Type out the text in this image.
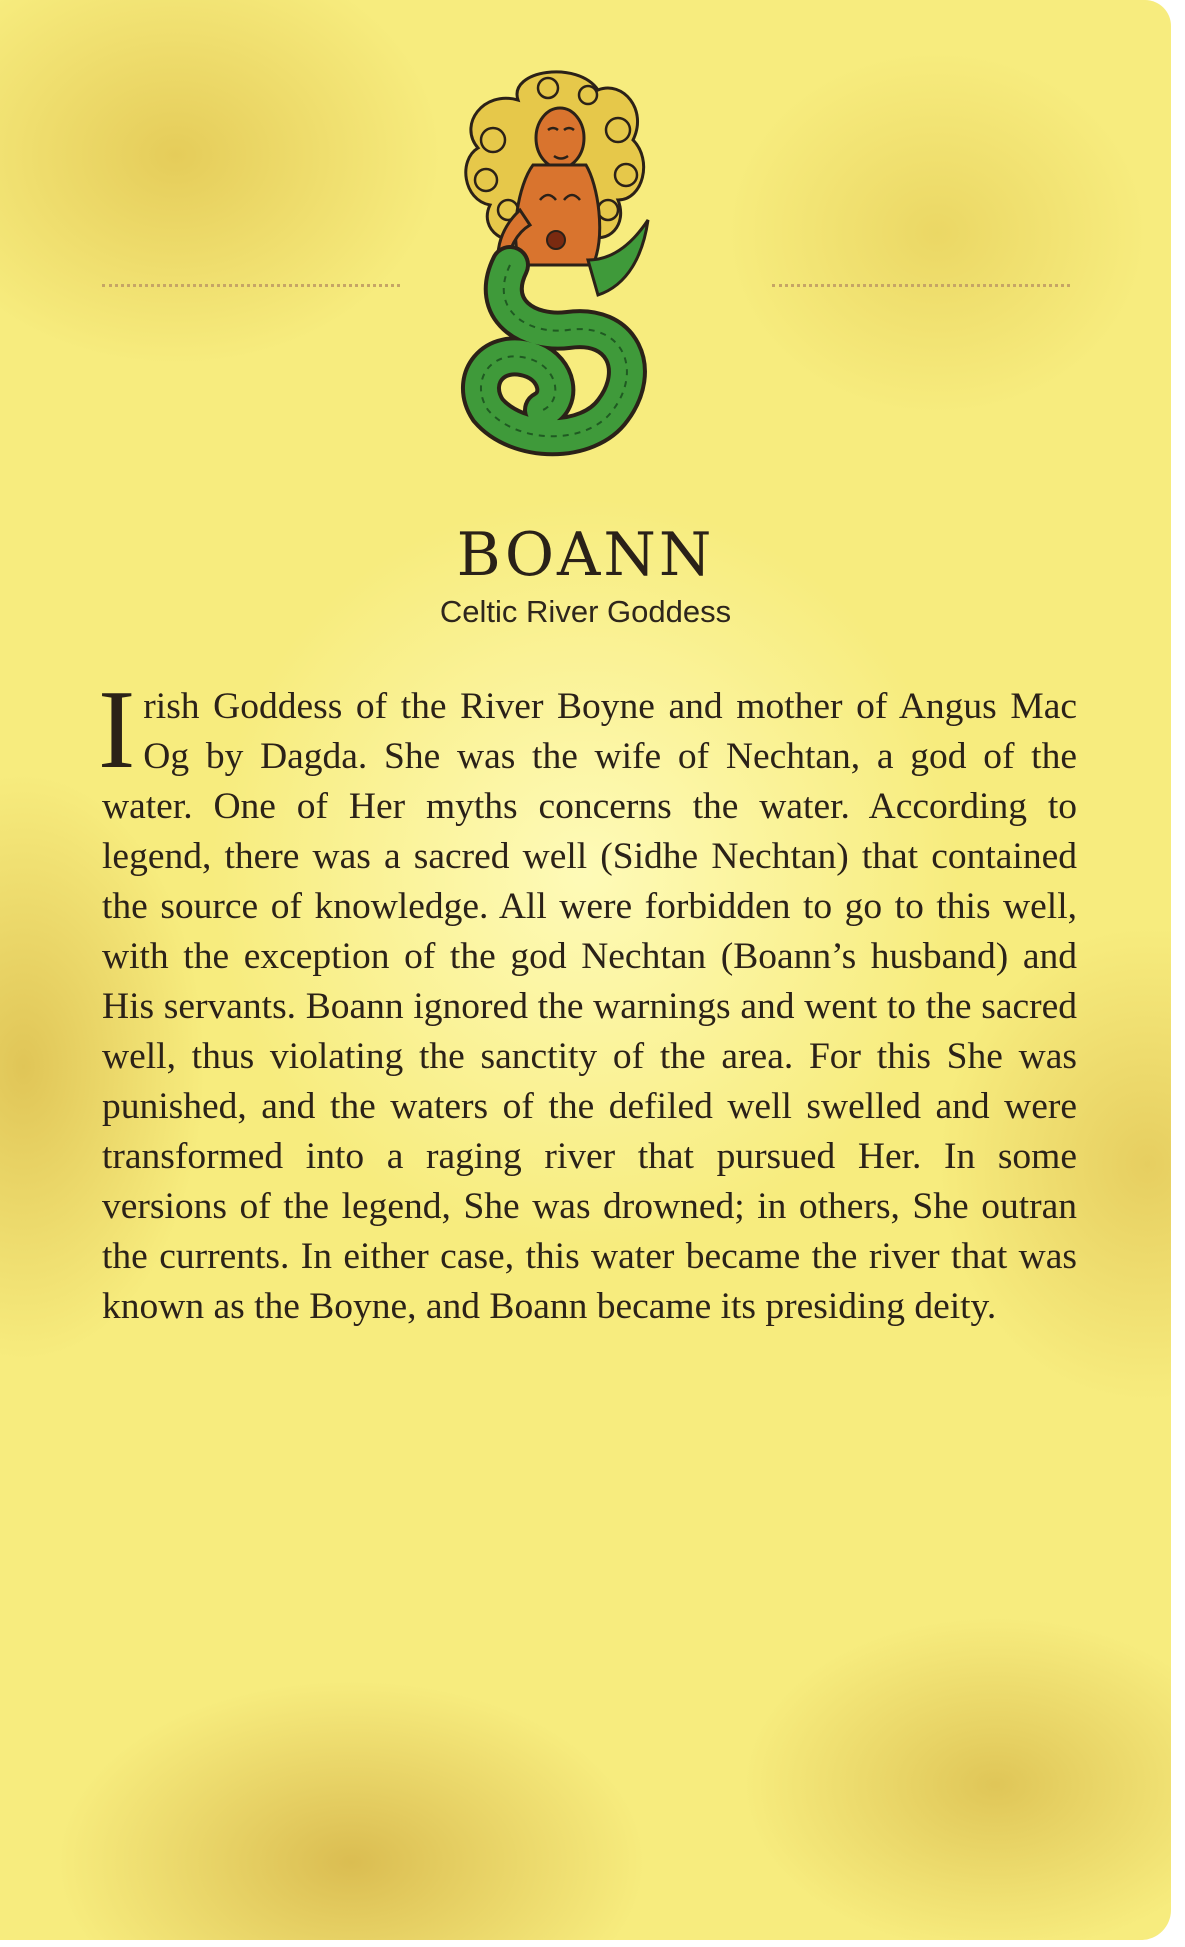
BOANN
Celtic River Goddess
Irish Goddess of the River Boyne and mother of Angus Mac Og by Dagda. She was the wife of Nechtan, a god of the water. One of Her myths concerns the water. According to legend, there was a sacred well (Sidhe Nechtan) that contained the source of knowledge. All were forbidden to go to this well, with the exception of the god Nechtan (Boann’s husband) and His servants. Boann ignored the warnings and went to the sacred well, thus violating the sanctity of the area. For this She was punished, and the waters of the defiled well swelled and were transformed into a raging river that pursued Her. In some versions of the legend, She was drowned; in others, She outran the currents. In either case, this water became the river that was known as the Boyne, and Boann became its presiding deity.
